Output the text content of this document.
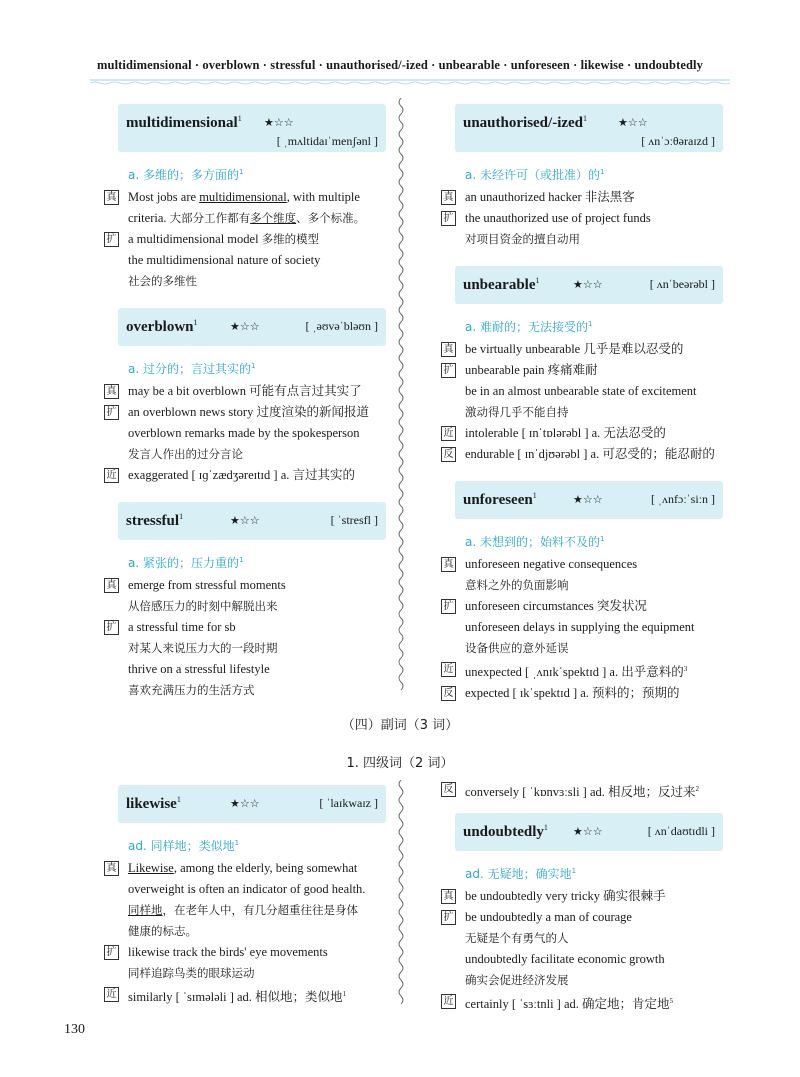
multidimensional · overblown · stressful · unauthorised/-ized · unbearable · unforeseen · likewise · undoubtedly
multidimensional$^1$ ★☆☆
[ ˌmʌltidaɪˈmenʃənl ]
a. 多维的；多方面的$^1$
真 Most jobs are multidimensional, with multiple
criteria. 大部分工作都有多个维度、多个标准。
扩 a multidimensional model 多维的模型
the multidimensional nature of society
社会的多维性
overblown$^1$	★☆☆	[ ˌəʊvəˈbləʊn ]
a. 过分的；言过其实的$^1$
真 may be a bit overblown 可能有点言过其实了
扩 an overblown news story 过度渲染的新闻报道
overblown remarks made by the spokesperson
发言人作出的过分言论
近 exaggerated [ ɪɡˈzædʒəreɪtɪd ] a. 言过其实的
stressful$^1$	★☆☆	[ ˈstresfl ]
a. 紧张的；压力重的$^1$
真 emerge from stressful moments
从倍感压力的时刻中解脱出来
扩 a stressful time for sb
对某人来说压力大的一段时期
thrive on a stressful lifestyle
喜欢充满压力的生活方式
unauthorised/-ized$^1$	★☆☆
[ ʌnˈɔːθəraɪzd ]
a. 未经许可（或批准）的$^1$
真 an unauthorized hacker 非法黑客
扩 the unauthorized use of project funds
对项目资金的擅自动用
unbearable$^1$	★☆☆	[ ʌnˈbeərəbl ]
a. 难耐的；无法接受的$^1$
真 be virtually unbearable 几乎是难以忍受的
扩 unbearable pain 疼痛难耐
be in an almost unbearable state of excitement
激动得几乎不能自持
近 intolerable [ ɪnˈtɒlərəbl ] a. 无法忍受的
反 endurable [ ɪnˈdjʊərəbl ] a. 可忍受的；能忍耐的
unforeseen$^1$	★☆☆	[ ˌʌnfɔːˈsiːn ]
a. 未想到的；始料不及的$^1$
真 unforeseen negative consequences
意料之外的负面影响
扩 unforeseen circumstances 突发状况
unforeseen delays in supplying the equipment
设备供应的意外延误
近 unexpected [ ˌʌnɪkˈspektɪd ] a. 出乎意料的$^3$
反 expected [ ɪkˈspektɪd ] a. 预料的；预期的
（四）副词（3 词）
1. 四级词（2 词）
likewise$^1$	★☆☆	[ ˈlaɪkwaɪz ]
ad. 同样地；类似地$^1$
真 Likewise, among the elderly, being somewhat
overweight is often an indicator of good health.
同样地，在老年人中，有几分超重往往是身体
健康的标志。
扩 likewise track the birds' eye movements
同样追踪鸟类的眼球运动
近 similarly [ ˈsɪmələli ] ad. 相似地；类似地$^1$
反 conversely [ ˈkɒnvɜːsli ] ad. 相反地；反过来$^2$
undoubtedly$^1$ ★☆☆	[ ʌnˈdaʊtɪdli ]
ad. 无疑地；确实地$^1$
真 be undoubtedly very tricky 确实很棘手
扩 be undoubtedly a man of courage
无疑是个有勇气的人
undoubtedly facilitate economic growth
确实会促进经济发展
近 certainly [ ˈsɜːtnli ] ad. 确定地；肯定地$^5$
130
